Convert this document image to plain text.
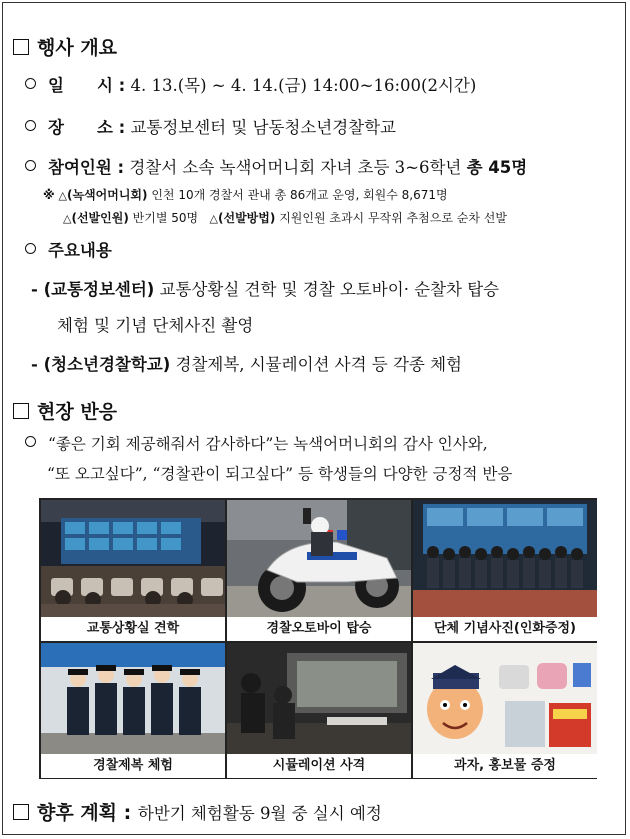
행사 개요
일　　시 : 4. 13.(목) ~ 4. 14.(금) 14:00~16:00(2시간)
장　　소 : 교통정보센터 및 남동청소년경찰학교
참여인원 : 경찰서 소속 녹색어머니회 자녀 초등 3~6학년 총 45명
※ △(녹색어머니회) 인천 10개 경찰서 관내 총 86개교 운영, 회원수 8,671명
△(선발인원) 반기별 50명 △(선발방법) 지원인원 초과시 무작위 추첨으로 순차 선발
주요내용
- (교통정보센터) 교통상황실 견학 및 경찰 오토바이· 순찰차 탑승
체험 및 기념 단체사진 촬영
- (청소년경찰학교) 경찰제복, 시뮬레이션 사격 등 각종 체험
현장 반응
“좋은 기회 제공해줘서 감사하다”는 녹색어머니회의 감사 인사와,
“또 오고싶다”, “경찰관이 되고싶다” 등 학생들의 다양한 긍정적 반응
교통상황실 견학	경찰오토바이 탑승	단체 기념사진(인화증정)
경찰제복 체험	시뮬레이션 사격	과자, 홍보물 증정
향후 계획 : 하반기 체험활동 9월 중 실시 예정
